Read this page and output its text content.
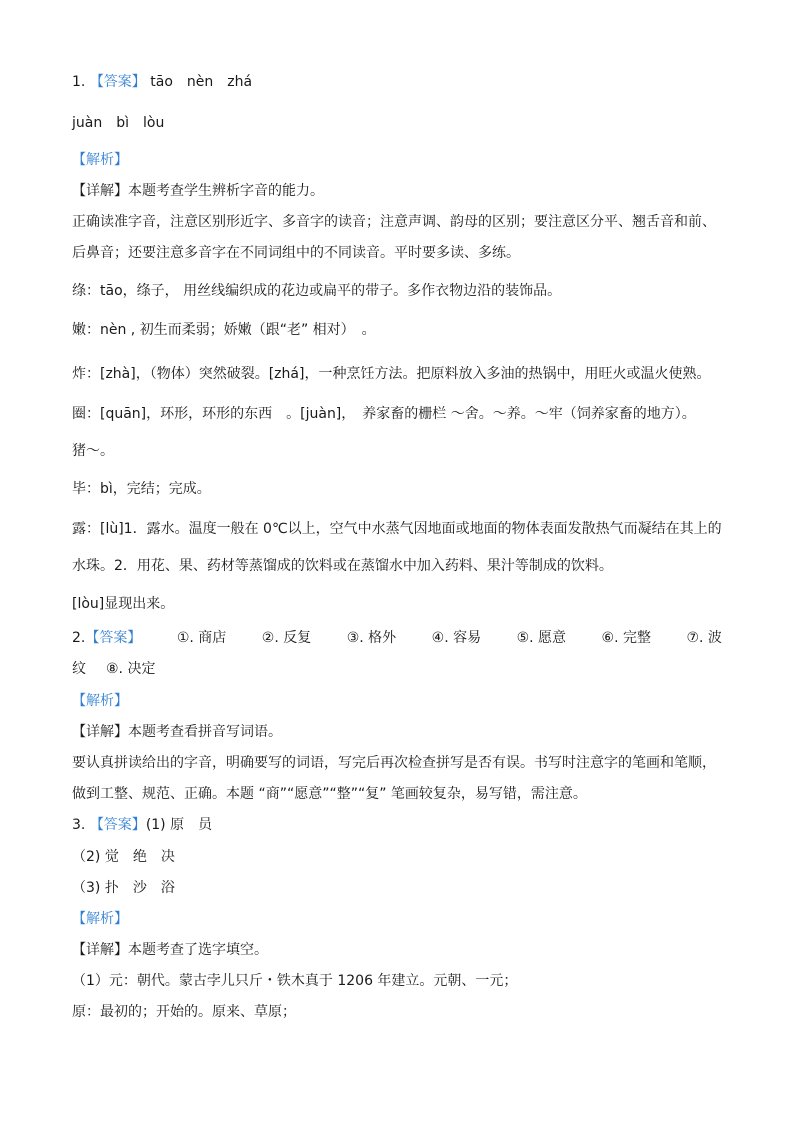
1. 【答案】 tāo　nèn　zhá
juàn　bì　lòu
【解析】
【详解】本题考查学生辨析字音的能力。
正确读准字音，注意区别形近字、多音字的读音；注意声调、韵母的区别；要注意区分平、翘舌音和前、
后鼻音；还要注意多音字在不同词组中的不同读音。平时要多读、多练。
绦：tāo，绦子， 用丝线编织成的花边或扁平的带子。多作衣物边沿的装饰品。
嫩：nèn , 初生而柔弱；娇嫩（跟“老” 相对）　。
炸：[zhà]，（物体）突然破裂。[zhá]，一种烹饪方法。把原料放入多油的热锅中，用旺火或温火使熟。
圈：[quān]，环形，环形的东西　。[juàn]，　养家畜的栅栏 ～舍。～养。～牢（饲养家畜的地方）。
猪～。
毕：bì，完结；完成。
露：[lù]1．露水。温度一般在 0℃以上，空气中水蒸气因地面或地面的物体表面发散热气而凝结在其上的
水珠。2．用花、果、药材等蒸馏成的饮料或在蒸馏水中加入药料、果汁等制成的饮料。
[lòu]显现出来。
2.【答案】	①. 商店	②. 反复	③. 格外	④. 容易	⑤. 愿意	⑥. 完整	⑦. 波
纹 ⑧. 决定
【解析】
【详解】本题考查看拼音写词语。
要认真拼读给出的字音，明确要写的词语，写完后再次检查拼写是否有误。书写时注意字的笔画和笔顺，
做到工整、规范、正确。本题 “商”“愿意”“整”“复” 笔画较复杂，易写错，需注意。
3. 【答案】(1) 原　员
（2) 觉　绝　决
（3) 扑　沙　浴
【解析】
【详解】本题考查了选字填空。
（1）元：朝代。蒙古孛儿只斤・铁木真于 1206 年建立。元朝、一元；
原：最初的；开始的。原来、草原；
